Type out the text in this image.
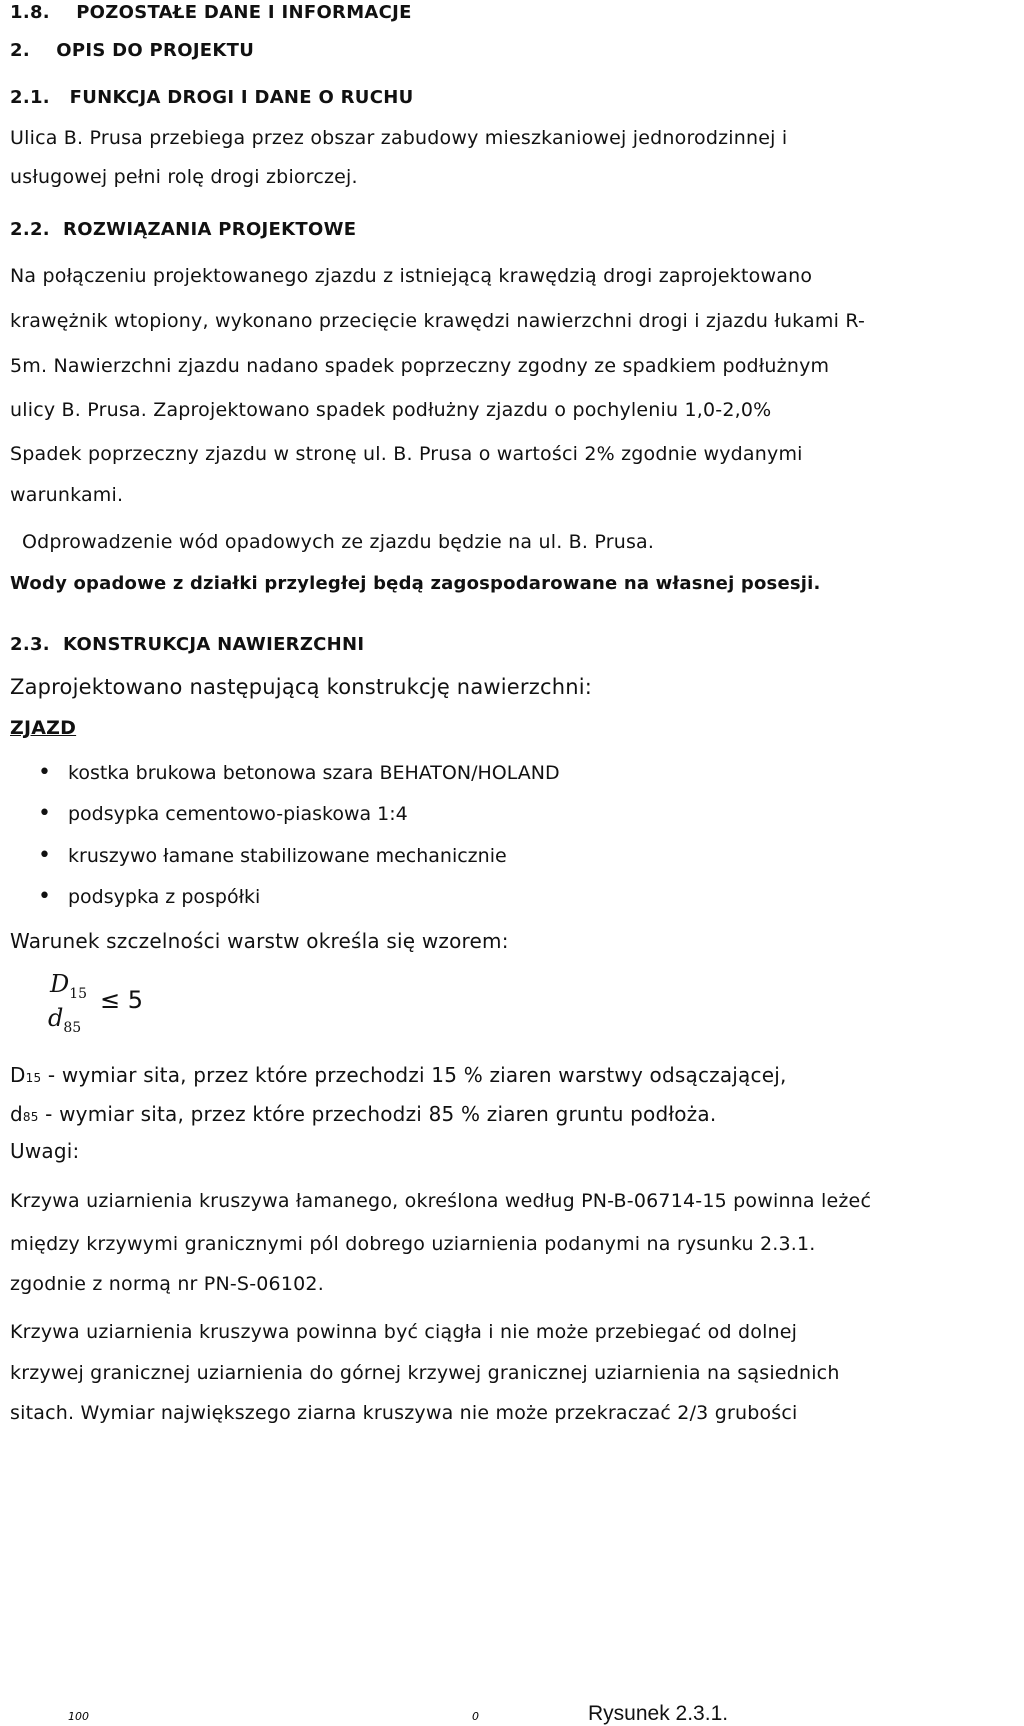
1.8.    POZOSTAŁE DANE I INFORMACJE
2.    OPIS DO PROJEKTU
2.1.   FUNKCJA DROGI I DANE O RUCHU
Ulica B. Prusa przebiega przez obszar zabudowy mieszkaniowej jednorodzinnej i
usługowej pełni rolę drogi zbiorczej.
2.2.  ROZWIĄZANIA PROJEKTOWE
Na połączeniu projektowanego zjazdu z istniejącą krawędzią drogi zaprojektowano
krawężnik wtopiony, wykonano przecięcie krawędzi nawierzchni drogi i zjazdu łukami R-
5m. Nawierzchni zjazdu nadano spadek poprzeczny zgodny ze spadkiem podłużnym
ulicy B. Prusa. Zaprojektowano spadek podłużny zjazdu o pochyleniu 1,0-2,0%
Spadek poprzeczny zjazdu w stronę ul. B. Prusa o wartości 2% zgodnie wydanymi
warunkami.
Odprowadzenie wód opadowych ze zjazdu będzie na ul. B. Prusa.
Wody opadowe z działki przyległej będą zagospodarowane na własnej posesji.
2.3.  KONSTRUKCJA NAWIERZCHNI
Zaprojektowano następującą konstrukcję nawierzchni:
ZJAZD
• kostka brukowa betonowa szara BEHATON/HOLAND
• podsypka cementowo-piaskowa 1:4
• kruszywo łamane stabilizowane mechanicznie
• podsypka z pospółki
Warunek szczelności warstw określa się wzorem:
$D_{15}$
$d_{85}$
≤ 5
D15 - wymiar sita, przez które przechodzi 15 % ziaren warstwy odsączającej,
d85 - wymiar sita, przez które przechodzi 85 % ziaren gruntu podłoża.
Uwagi:
Krzywa uziarnienia kruszywa łamanego, określona według PN-B-06714-15 powinna leżeć
między krzywymi granicznymi pól dobrego uziarnienia podanymi na rysunku 2.3.1.
zgodnie z normą nr PN-S-06102.
Krzywa uziarnienia kruszywa powinna być ciągła i nie może przebiegać od dolnej
krzywej granicznej uziarnienia do górnej krzywej granicznej uziarnienia na sąsiednich
sitach. Wymiar największego ziarna kruszywa nie może przekraczać 2/3 grubości
100	0	Rysunek 2.3.1.
